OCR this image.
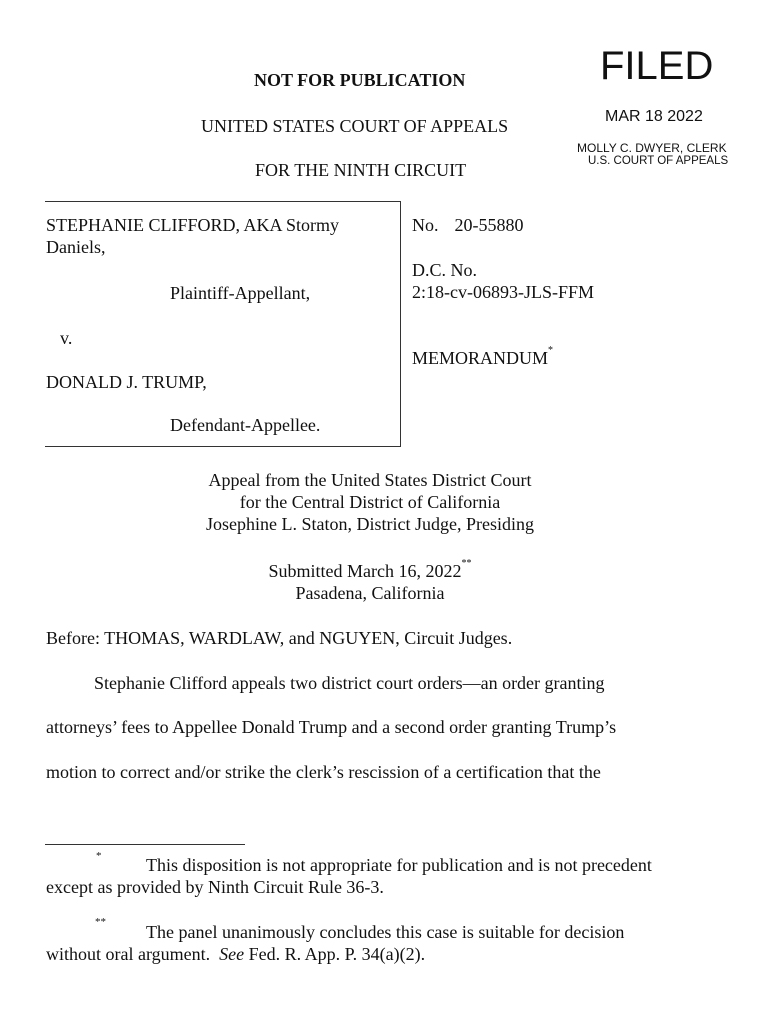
NOT FOR PUBLICATION
UNITED STATES COURT OF APPEALS
FOR THE NINTH CIRCUIT
FILED
MAR 18 2022
MOLLY C. DWYER, CLERK
U.S. COURT OF APPEALS
STEPHANIE CLIFFORD, AKA Stormy
Daniels,
Plaintiff-Appellant,
v.
DONALD J. TRUMP,
Defendant-Appellee.
No. 20-55880
D.C. No.
2:18-cv-06893-JLS-FFM
MEMORANDUM*
Appeal from the United States District Court
for the Central District of California
Josephine L. Staton, District Judge, Presiding
Submitted March 16, 2022**
Pasadena, California
Before: THOMAS, WARDLAW, and NGUYEN, Circuit Judges.
Stephanie Clifford appeals two district court orders—an order granting
attorneys’ fees to Appellee Donald Trump and a second order granting Trump’s
motion to correct and/or strike the clerk’s rescission of a certification that the
* This disposition is not appropriate for publication and is not precedent
except as provided by Ninth Circuit Rule 36-3.
** The panel unanimously concludes this case is suitable for decision
without oral argument.  See Fed. R. App. P. 34(a)(2).
